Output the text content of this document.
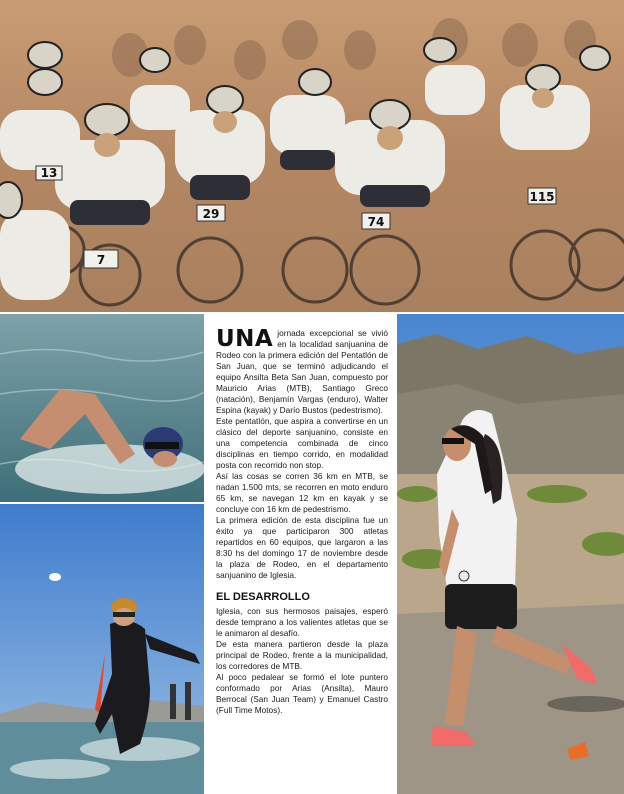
7
29
74
115
13

UNA jornada excepcional se vivió en la localidad sanjuanina de Rodeo con la primera edición del Pentatlón de San Juan, que se terminó adjudicando el equipo Ansilta Beta San Juan, compuesto por Mauricio Arias (MTB), Santiago Greco (natación), Benjamín Vargas (enduro), Walter Espina (kayak) y Darío Bustos (pedestrismo).

Este pentatlón, que aspira a convertirse en un clásico del deporte sanjuanino, consiste en una competencia combinada de cinco disciplinas en tiempo corrido, en modalidad posta con recorrido non stop.

Así las cosas se corren 36 km en MTB, se nadan 1.500 mts, se recorren en moto enduro 65 km, se navegan 12 km en kayak y se concluye con 16 km de pedestrismo.

La primera edición de esta disciplina fue un éxito ya que participaron 300 atletas repartidos en 60 equipos, que largaron a las 8:30 hs del domingo 17 de noviembre desde la plaza de Rodeo, en el departamento sanjuanino de Iglesia.

EL DESARROLLO

Iglesia, con sus hermosos paisajes, esperó desde temprano a los valientes atletas que se le animaron al desafío.

De esta manera partieron desde la plaza principal de Rodeo, frente a la municipalidad, los corredores de MTB.

Al poco pedalear se formó el lote puntero conformado por Arias (Ansilta), Mauro Berrocal (San Juan Team) y Emanuel Castro (Full Time Motos).
